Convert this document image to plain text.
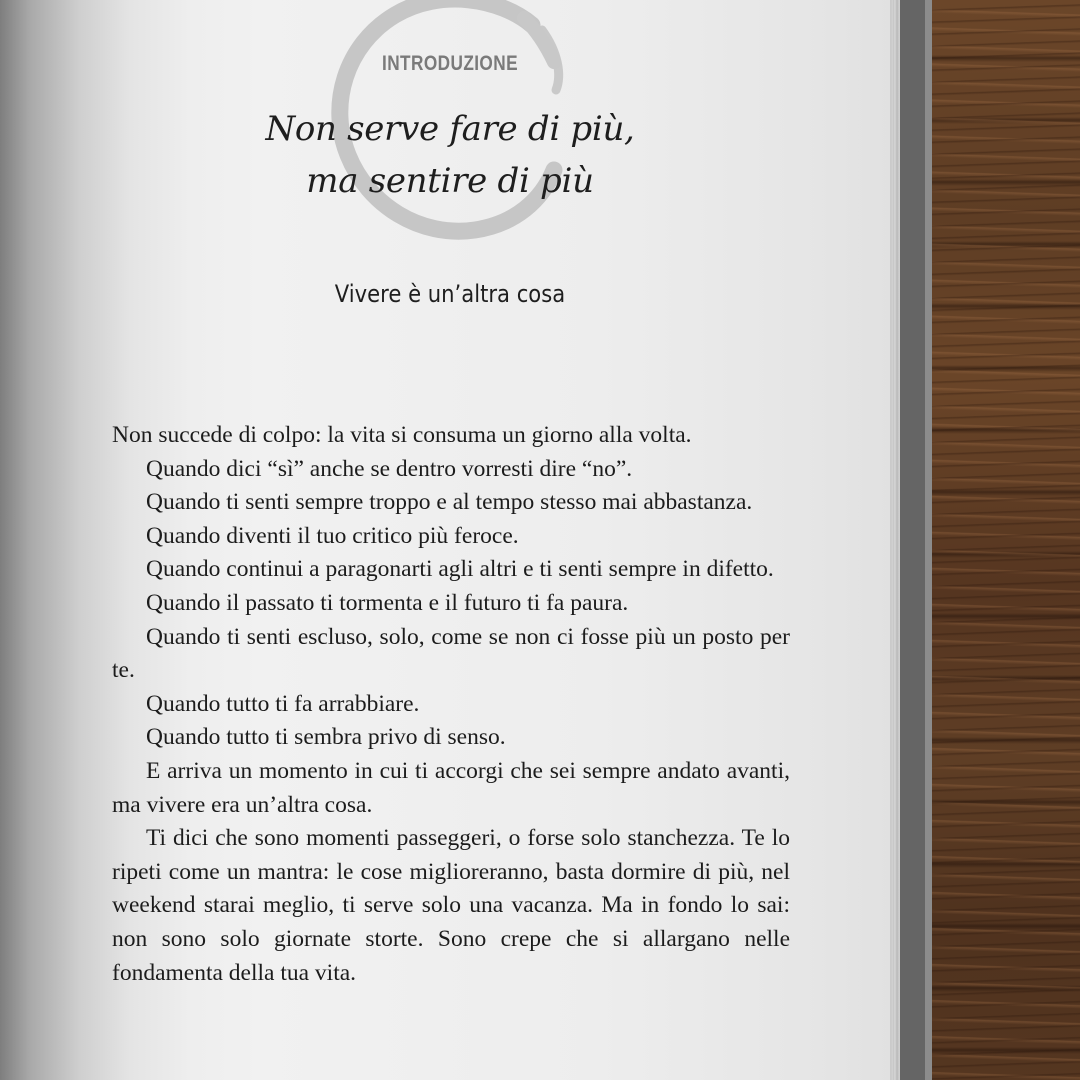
INTRODUZIONE
Non serve fare di più,
ma sentire di più
Vivere è un’altra cosa

Non succede di colpo: la vita si consuma un giorno alla volta.

Quando dici “sì” anche se dentro vorresti dire “no”.

Quando ti senti sempre troppo e al tempo stesso mai abbastanza.

Quando diventi il tuo critico più feroce.

Quando continui a paragonarti agli altri e ti senti sempre in difetto.

Quando il passato ti tormenta e il futuro ti fa paura.

Quando ti senti escluso, solo, come se non ci fosse più un posto per te.

Quando tutto ti fa arrabbiare.

Quando tutto ti sembra privo di senso.

E arriva un momento in cui ti accorgi che sei sempre andato avanti, ma vivere era un’altra cosa.

Ti dici che sono momenti passeggeri, o forse solo stanchezza. Te lo ripeti come un mantra: le cose miglioreranno, basta dormire di più, nel weekend starai meglio, ti serve solo una vacanza. Ma in fondo lo sai: non sono solo giornate storte. Sono crepe che si allargano nelle fondamenta della tua vita.
